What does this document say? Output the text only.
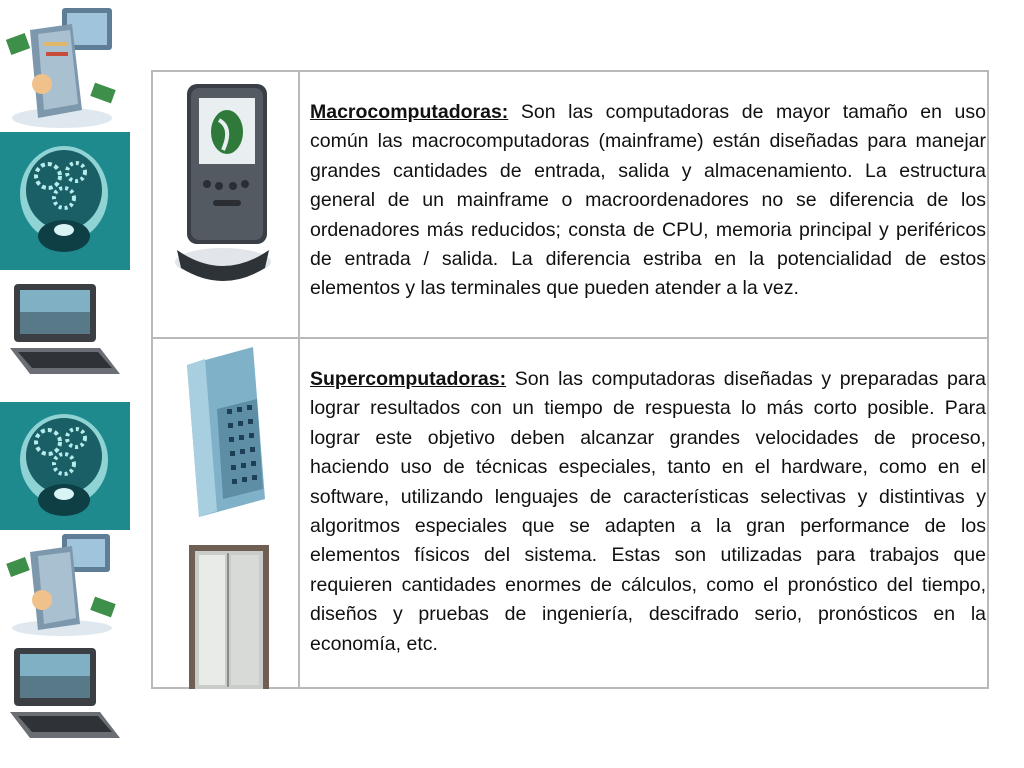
Macrocomputadoras: Son las computadoras de mayor tamaño en uso común las macrocomputadoras (mainframe) están diseñadas para manejar grandes cantidades de entrada, salida y almacenamiento. La estructura general de un mainframe o macroordenadores no se diferencia de los ordenadores más reducidos; consta de CPU, memoria principal y periféricos de entrada / salida. La diferencia estriba en la potencialidad de estos elementos y las terminales que pueden atender a la vez.
Supercomputadoras: Son las computadoras diseñadas y preparadas para lograr resultados con un tiempo de respuesta lo más corto posible. Para lograr este objetivo deben alcanzar grandes velocidades de proceso, haciendo uso de técnicas especiales, tanto en el hardware, como en el software, utilizando lenguajes de características selectivas y distintivas y algoritmos especiales que se adapten a la gran performance de los elementos físicos del sistema. Estas son utilizadas para trabajos que requieren cantidades enormes de cálculos, como el pronóstico del tiempo, diseños y pruebas de ingeniería, descifrado serio, pronósticos en la economía, etc.
